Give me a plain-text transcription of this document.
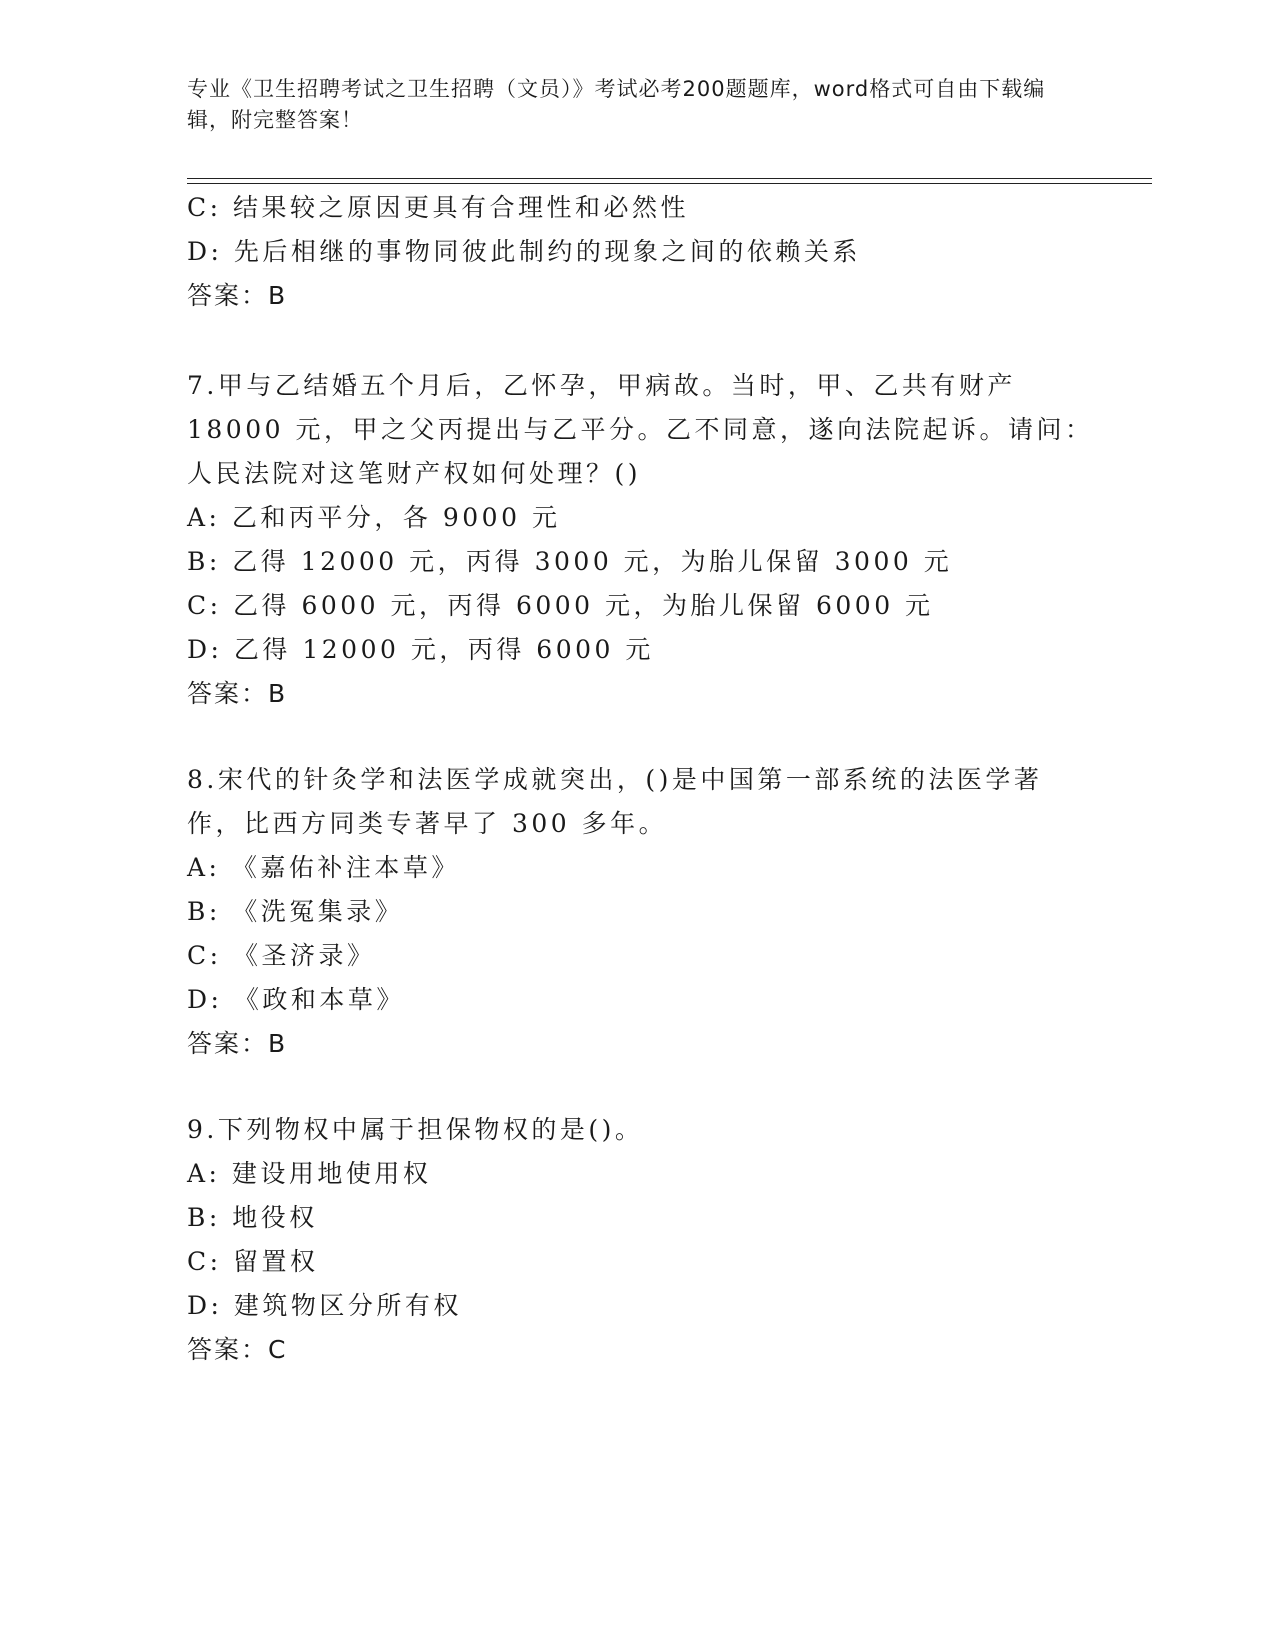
专业《卫生招聘考试之卫生招聘（文员）》考试必考200题题库，word格式可自由下载编辑，附完整答案！
C: 结果较之原因更具有合理性和必然性
D: 先后相继的事物同彼此制约的现象之间的依赖关系
答案：B
7.甲与乙结婚五个月后，乙怀孕，甲病故。当时，甲、乙共有财产
18000 元，甲之父丙提出与乙平分。乙不同意，遂向法院起诉。请问：
人民法院对这笔财产权如何处理？()
A: 乙和丙平分，各 9000 元
B: 乙得 12000 元，丙得 3000 元，为胎儿保留 3000 元
C: 乙得 6000 元，丙得 6000 元，为胎儿保留 6000 元
D: 乙得 12000 元，丙得 6000 元
答案：B
8.宋代的针灸学和法医学成就突出，()是中国第一部系统的法医学著
作，比西方同类专著早了 300 多年。
A: 《嘉佑补注本草》
B: 《洗冤集录》
C: 《圣济录》
D: 《政和本草》
答案：B
9.下列物权中属于担保物权的是()。
A: 建设用地使用权
B: 地役权
C: 留置权
D: 建筑物区分所有权
答案：C
